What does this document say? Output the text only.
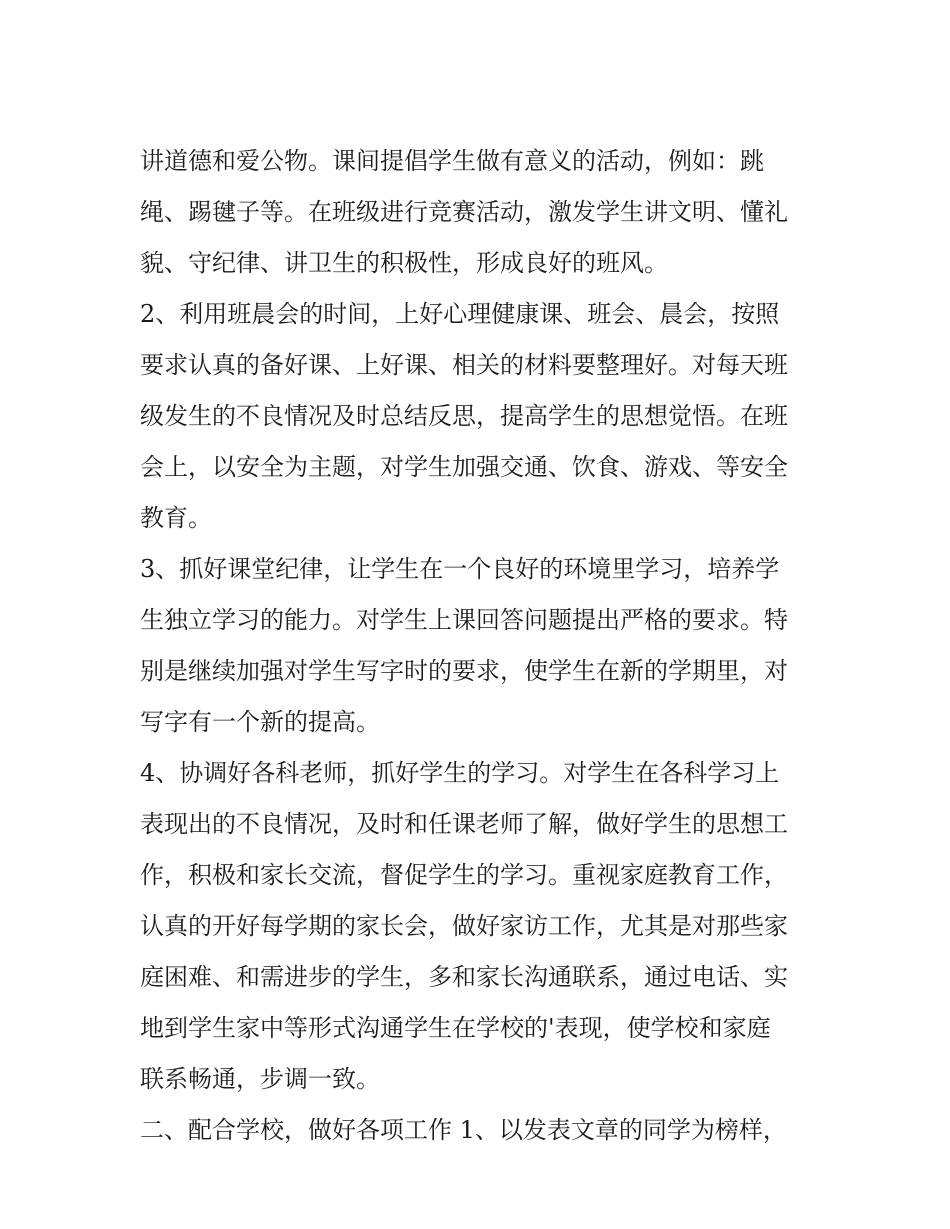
讲道德和爱公物。课间提倡学生做有意义的活动，例如：跳
绳、踢毽子等。在班级进行竞赛活动，激发学生讲文明、懂礼
貌、守纪律、讲卫生的积极性，形成良好的班风。
2、利用班晨会的时间，上好心理健康课、班会、晨会，按照
要求认真的备好课、上好课、相关的材料要整理好。对每天班
级发生的不良情况及时总结反思，提高学生的思想觉悟。在班
会上，以安全为主题，对学生加强交通、饮食、游戏、等安全
教育。
3、抓好课堂纪律，让学生在一个良好的环境里学习，培养学
生独立学习的能力。对学生上课回答问题提出严格的要求。特
别是继续加强对学生写字时的要求，使学生在新的学期里，对
写字有一个新的提高。
4、协调好各科老师，抓好学生的学习。对学生在各科学习上
表现出的不良情况，及时和任课老师了解，做好学生的思想工
作，积极和家长交流，督促学生的学习。重视家庭教育工作，
认真的开好每学期的家长会，做好家访工作，尤其是对那些家
庭困难、和需进步的学生，多和家长沟通联系，通过电话、实
地到学生家中等形式沟通学生在学校的'表现，使学校和家庭
联系畅通，步调一致。
二、配合学校，做好各项工作 1、以发表文章的同学为榜样，
